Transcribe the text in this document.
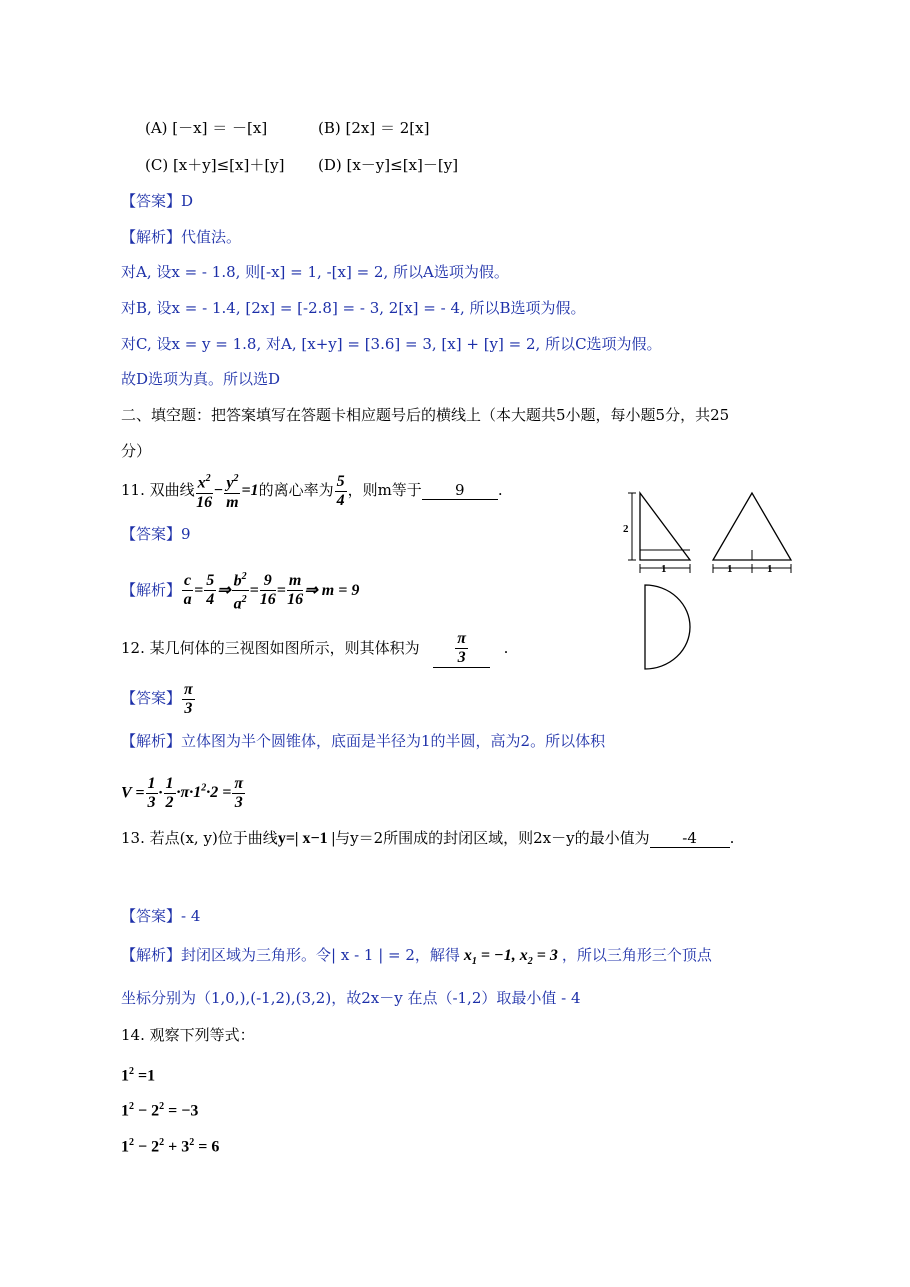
(A) [－x] ＝ －[x]	(B) [2x] ＝ 2[x]
(C) [x＋y]≤[x]＋[y] (D) [x－y]≤[x]－[y]
【答案】D
【解析】代值法。
对A, 设x = - 1.8, 则[-x] = 1, -[x] = 2, 所以A选项为假。
对B, 设x = - 1.4, [2x] = [-2.8] = - 3, 2[x] = - 4, 所以B选项为假。
对C, 设x = y = 1.8, 对A, [x+y] = [3.6] = 3, [x] + [y] = 2, 所以C选项为假。
故D选项为真。所以选D
二、填空题：把答案填写在答题卡相应题号后的横线上（本大题共5小题，每小题5分，共25
分）
11. 双曲线 $\frac{x^2}{16} - \frac{y^2}{m} =1$的离心率为 $\frac{5}{4}$ ，则m等于 9 .
【答案】9
【解析】 $\frac{c}{a} = \frac{5}{4}$ ⇒ $\frac{b^2}{a^2} = \frac{9}{16} = \frac{m}{16}$ ⇒ m = 9
12. 某几何体的三视图如图所示，则其体积为 $\frac{\pi}{3}$ .
【答案】 $\frac{\pi}{3}$
【解析】立体图为半个圆锥体，底面是半径为1的半圆，高为2。所以体积
$V = \frac{1}{3} \cdot \frac{1}{2} \cdot\pi\cdot 1^2\cdot 2 = \frac{\pi}{3}$
2
1	1	1
13. 若点(x, y)位于曲线y=| x−1 |与y＝2所围成的封闭区域，则2x－y的最小值为 -4 .
【答案】- 4
【解析】封闭区域为三角形。令| x - 1 | = 2，解得 $x_1 = -1$, $x_2 = 3$ ，所以三角形三个顶点
坐标分别为（1,0,),(-1,2),(3,2)，故2x－y 在点（-1,2）取最小值 - 4
14. 观察下列等式：
$1^2 =1$
$1^2 - 2^2 = -3$
$1^2 - 2^2 + 3^2 = 6$
